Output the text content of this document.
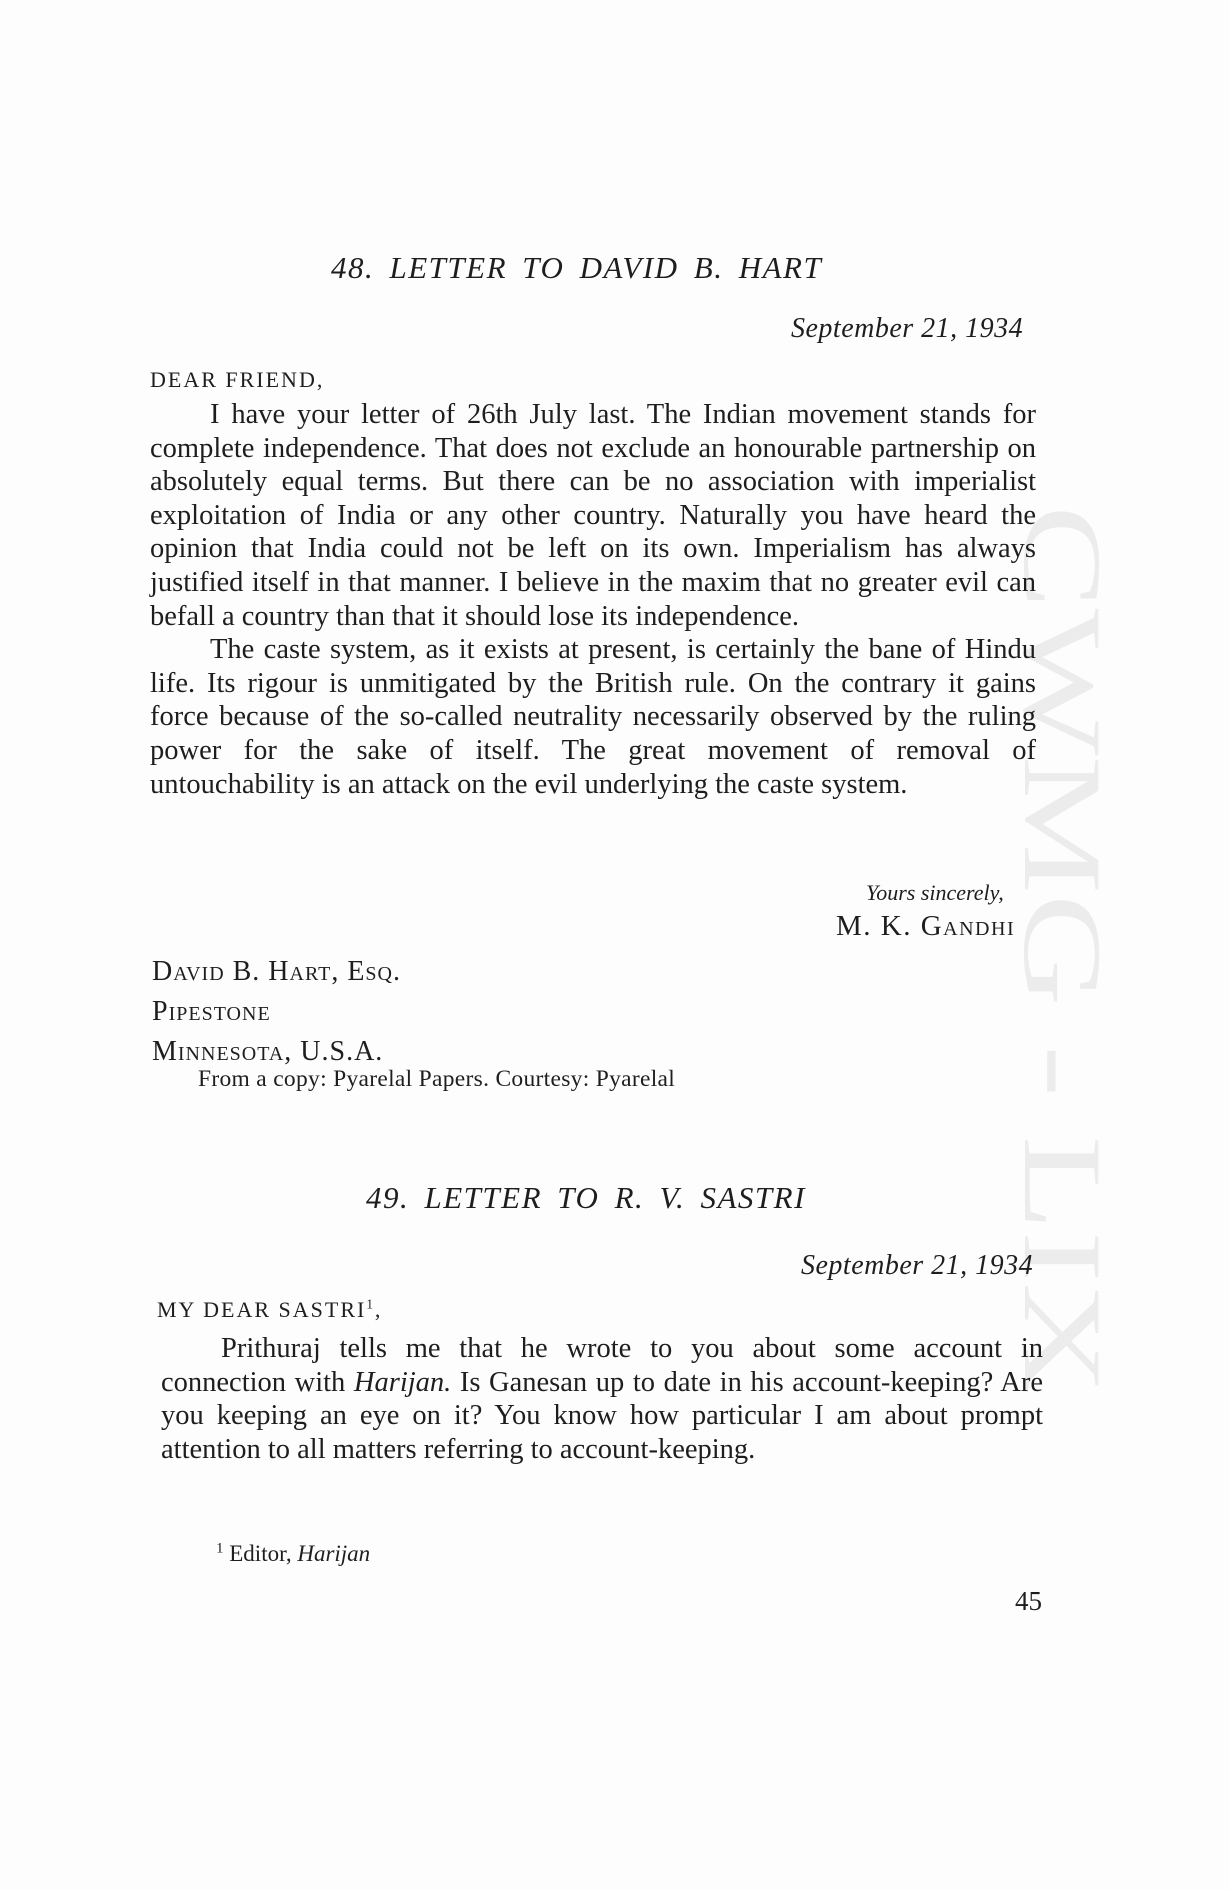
CWMG - LIX
48. LETTER TO DAVID B. HART
September 21, 1934
DEAR FRIEND,

I have your letter of 26th July last. The Indian movement stands for complete independence. That does not exclude an honourable partnership on absolutely equal terms. But there can be no association with imperialist exploitation of India or any other country. Naturally you have heard the opinion that India could not be left on its own. Imperialism has always justified itself in that manner. I believe in the maxim that no greater evil can befall a country than that it should lose its independence.

The caste system, as it exists at present, is certainly the bane of Hindu life. Its rigour is unmitigated by the British rule. On the contrary it gains force because of the so-called neutrality necessarily observed by the ruling power for the sake of itself. The great movement of removal of untouchability is an attack on the evil underlying the caste system.

Yours sincerely,
M. K. Gandhi
David B. Hart, Esq.
Pipestone
Minnesota, U.S.A.
From a copy: Pyarelal Papers. Courtesy: Pyarelal
49. LETTER TO R. V. SASTRI
September 21, 1934
MY DEAR SASTRI$^1$,

Prithuraj tells me that he wrote to you about some account in connection with Harijan. Is Ganesan up to date in his account-keeping? Are you keeping an eye on it? You know how particular I am about prompt attention to all matters referring to account-keeping.

$^1$ Editor, Harijan
45
